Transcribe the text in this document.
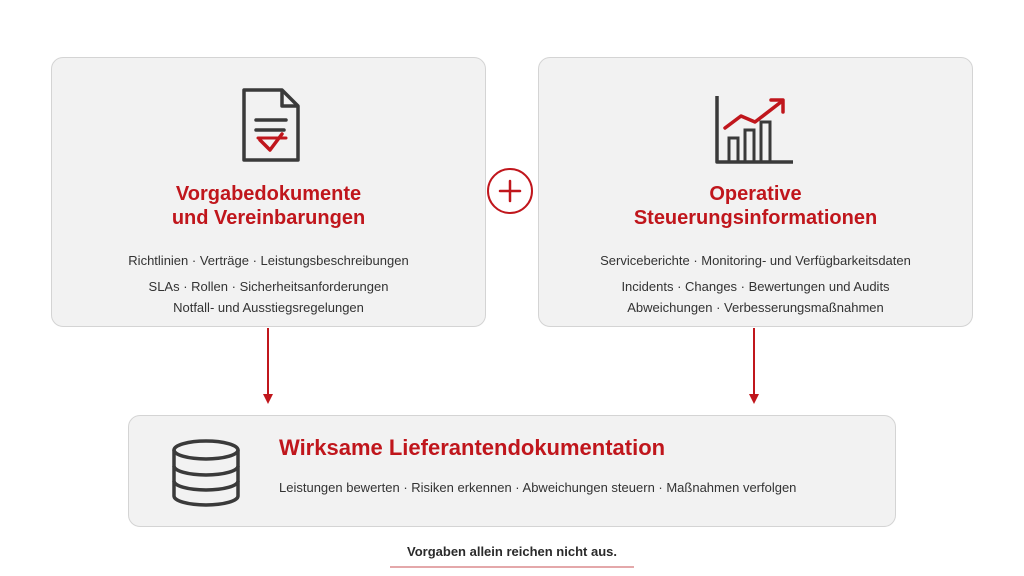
Vorgabedokumente
und Vereinbarungen
Richtlinien · Verträge · Leistungsbeschreibungen
SLAs · Rollen · Sicherheitsanforderungen
Notfall- und Ausstiegsregelungen
Operative
Steuerungsinformationen
Serviceberichte · Monitoring- und Verfügbarkeitsdaten
Incidents · Changes · Bewertungen und Audits
Abweichungen · Verbesserungsmaßnahmen
Wirksame Lieferantendokumentation
Leistungen bewerten · Risiken erkennen · Abweichungen steuern · Maßnahmen verfolgen
Vorgaben allein reichen nicht aus.
